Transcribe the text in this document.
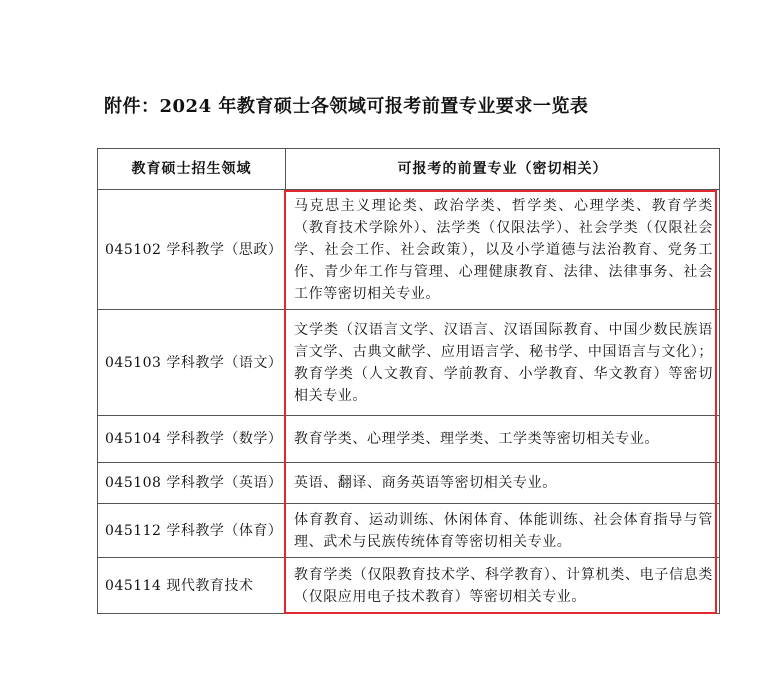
附件：2024 年教育硕士各领域可报考前置专业要求一览表
教育硕士招生领域	可报考的前置专业（密切相关）
045102 学科教学（思政）	马克思主义理论类、政治学类、哲学类、心理学类、教育学类（教育技术学除外）、法学类（仅限法学）、社会学类（仅限社会学、社会工作、社会政策），以及小学道德与法治教育、党务工作、青少年工作与管理、心理健康教育、法律、法律事务、社会工作等密切相关专业。
045103 学科教学（语文）	文学类（汉语言文学、汉语言、汉语国际教育、中国少数民族语言文学、古典文献学、应用语言学、秘书学、中国语言与文化）；教育学类（人文教育、学前教育、小学教育、华文教育）等密切相关专业。
045104 学科教学（数学）	教育学类、心理学类、理学类、工学类等密切相关专业。
045108 学科教学（英语）	英语、翻译、商务英语等密切相关专业。
045112 学科教学（体育）	体育教育、运动训练、休闲体育、体能训练、社会体育指导与管理、武术与民族传统体育等密切相关专业。
045114 现代教育技术	教育学类（仅限教育技术学、科学教育）、计算机类、电子信息类（仅限应用电子技术教育）等密切相关专业。
